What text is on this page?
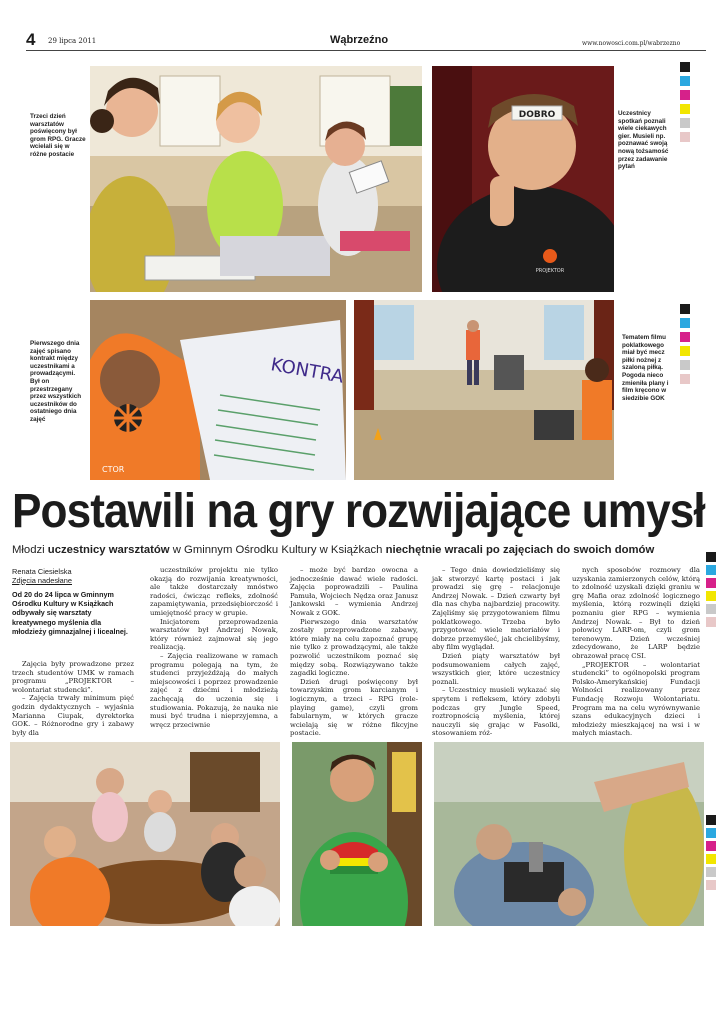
4 29 lipca 2011	Wąbrzeźno	www.nowosci.com.pl/wabrzezno
DOBRO
PROJEKTOR
KONTRA
CTOR
Trzeci dzień warsztatów poświęcony był grom RPG. Gracze wcielali się w różne postacie
Uczestnicy spotkań poznali wiele ciekawych gier. Musieli np. poznawać swoją nową tożsamość przez zadawanie pytań
Pierwszego dnia zajęć spisano kontrakt między uczestnikami a prowadzącymi. Był on przestrzegany przez wszystkich uczestników do ostatniego dnia zajęć
Tematem filmu poklatkowego miał być mecz piłki nożnej z szaloną piłką. Pogoda nieco zmieniła plany i film kręcono w siedzibie GOK
Postawili na gry rozwijające umysł
Młodzi uczestnicy warsztatów w Gminnym Ośrodku Kultury w Książkach niechętnie wracali po zajęciach do swoich domów
Renata Ciesielska
Zdjęcia nadesłane
Od 20 do 24 lipca w Gminnym Ośrodku Kultury w Książkach odbywały się warsztaty kreatywnego myślenia dla młodzieży gimnazjalnej i licealnej.

Zajęcia były prowadzone przez trzech studentów UMK w ramach programu „PROJEKTOR – wolontariat studencki”.

– Zajęcia trwały minimum pięć godzin dydaktycznych – wyjaśnia Marianna Ciupak, dyrektorka GOK. – Różnorodne gry i zabawy były dla

uczestników projektu nie tylko okazją do rozwijania kreatywności, ale także dostarczały mnóstwo radości, ćwicząc refleks, zdolność zapamiętywania, przedsiębiorczość i umiejętność pracy w grupie.

Inicjatorem przeprowadzenia warsztatów był Andrzej Nowak, który również zajmował się jego realizacją.

– Zajęcia realizowane w ramach programu polegają na tym, że studenci przyjeżdżają do małych miejscowości i poprzez prowadzenie zajęć z dziećmi i młodzieżą zachęcają do uczenia się i studiowania. Pokazują, że nauka nie musi być trudna i nieprzyjemna, a wręcz przeciwnie

– może być bardzo owocna a jednocześnie dawać wiele radości. Zajęcia poprowadzili – Paulina Pamuła, Wojciech Nędza oraz Janusz Jankowski – wymienia Andrzej Nowak z GOK.

Pierwszego dnia warsztatów zostały przeprowadzone zabawy, które miały na celu zapoznać grupę nie tylko z prowadzącymi, ale także pozwolić uczestnikom poznać się między sobą. Rozwiązywano także zagadki logiczne.

Dzień drugi poświęcony był towarzyskim grom karcianym i logicznym, a trzeci – RPG (role-playing game), czyli grom fabularnym, w których gracze wcielają się w różne fikcyjne postacie.

– Tego dnia dowiedzieliśmy się jak stworzyć kartę postaci i jak prowadzi się grę – relacjonuje Andrzej Nowak. – Dzień czwarty był dla nas chyba najbardziej pracowity. Zajęliśmy się przygotowaniem filmu poklatkowego. Trzeba było przygotować wiele materiałów i dobrze przemyśleć, jak chcielibyśmy, aby film wyglądał.

Dzień piąty warsztatów był podsumowaniem całych zajęć, wszystkich gier, które uczestnicy poznali.

– Uczestnicy musieli wykazać się sprytem i refleksem, który zdobyli podczas gry Jungle Speed, roztropnością myślenia, której nauczyli się grając w Fasolki, stosowaniem róż-

nych sposobów rozmowy dla uzyskania zamierzonych celów, którą to zdolność uzyskali dzięki graniu w grę Mafia oraz zdolność logicznego myślenia, którą rozwinęli dzięki poznaniu gier RPG – wymienia Andrzej Nowak. – Był to dzień połowicy LARP-om, czyli grom terenowym. Dzień wcześniej zdecydowano, że LARP będzie obrazował pracę CSI.

„PROJEKTOR – wolontariat studencki” to ogólnopolski program Polsko-Amerykańskiej Fundacji Wolności realizowany przez Fundację Rozwoju Wolontariatu. Program ma na celu wyrównywanie szans edukacyjnych dzieci i młodzieży mieszkającej na wsi i w małych miastach.
